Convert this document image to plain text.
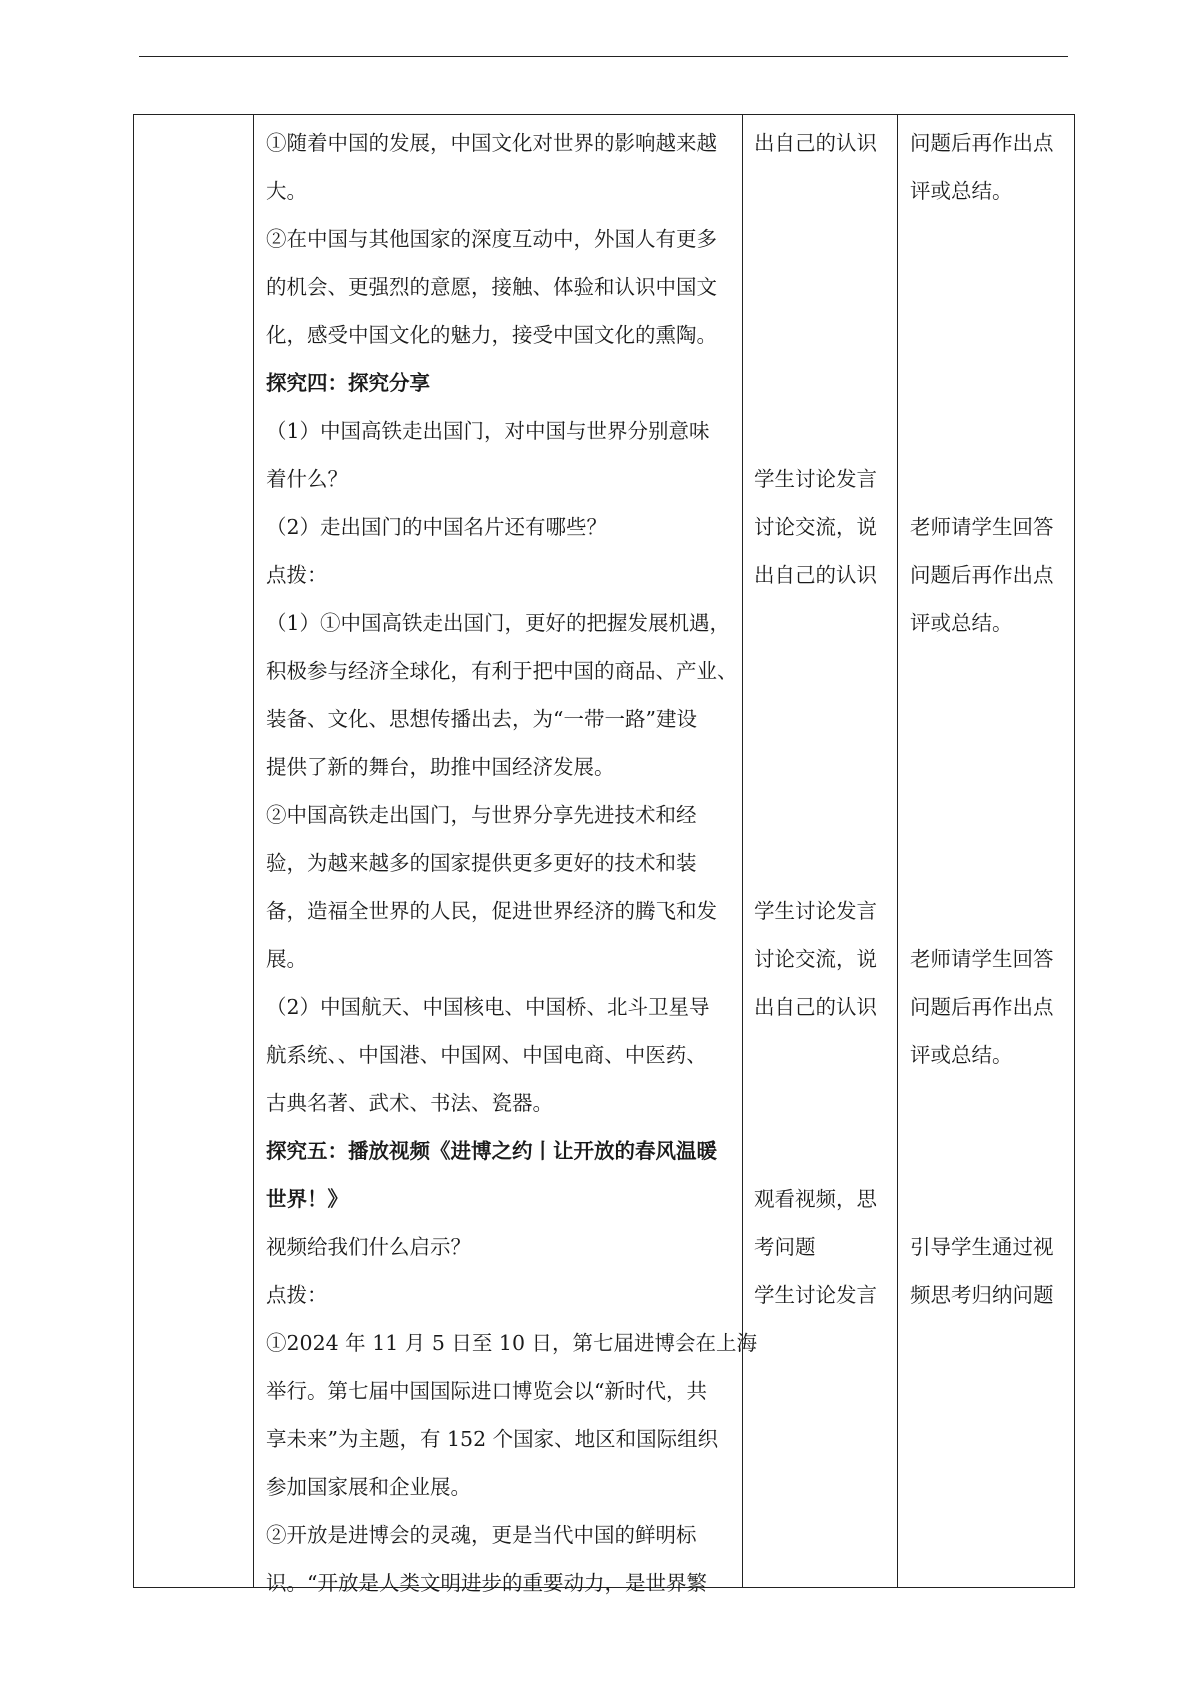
①随着中国的发展，中国文化对世界的影响越来越
大。
②在中国与其他国家的深度互动中，外国人有更多
的机会、更强烈的意愿，接触、体验和认识中国文
化，感受中国文化的魅力，接受中国文化的熏陶。
探究四：探究分享
（1）中国高铁走出国门，对中国与世界分别意味
着什么？
（2）走出国门的中国名片还有哪些？
点拨：
（1）①中国高铁走出国门，更好的把握发展机遇，
积极参与经济全球化，有利于把中国的商品、产业、
装备、文化、思想传播出去，为“一带一路”建设
提供了新的舞台，助推中国经济发展。
②中国高铁走出国门，与世界分享先进技术和经
验，为越来越多的国家提供更多更好的技术和装
备，造福全世界的人民，促进世界经济的腾飞和发
展。
（2）中国航天、中国核电、中国桥、北斗卫星导
航系统、、中国港、中国网、中国电商、中医药、
古典名著、武术、书法、瓷器。
探究五：播放视频《进博之约丨让开放的春风温暖
世界！》
视频给我们什么启示？
点拨：
①2024 年 11 月 5 日至 10 日，第七届进博会在上海
举行。第七届中国国际进口博览会以“新时代，共
享未来”为主题，有 152 个国家、地区和国际组织
参加国家展和企业展。
②开放是进博会的灵魂，更是当代中国的鲜明标
识。“开放是人类文明进步的重要动力，是世界繁
出自己的认识
学生讨论发言
讨论交流，说
出自己的认识
学生讨论发言
讨论交流，说
出自己的认识
观看视频，思
考问题
学生讨论发言
问题后再作出点
评或总结。
老师请学生回答
问题后再作出点
评或总结。
老师请学生回答
问题后再作出点
评或总结。
引导学生通过视
频思考归纳问题
